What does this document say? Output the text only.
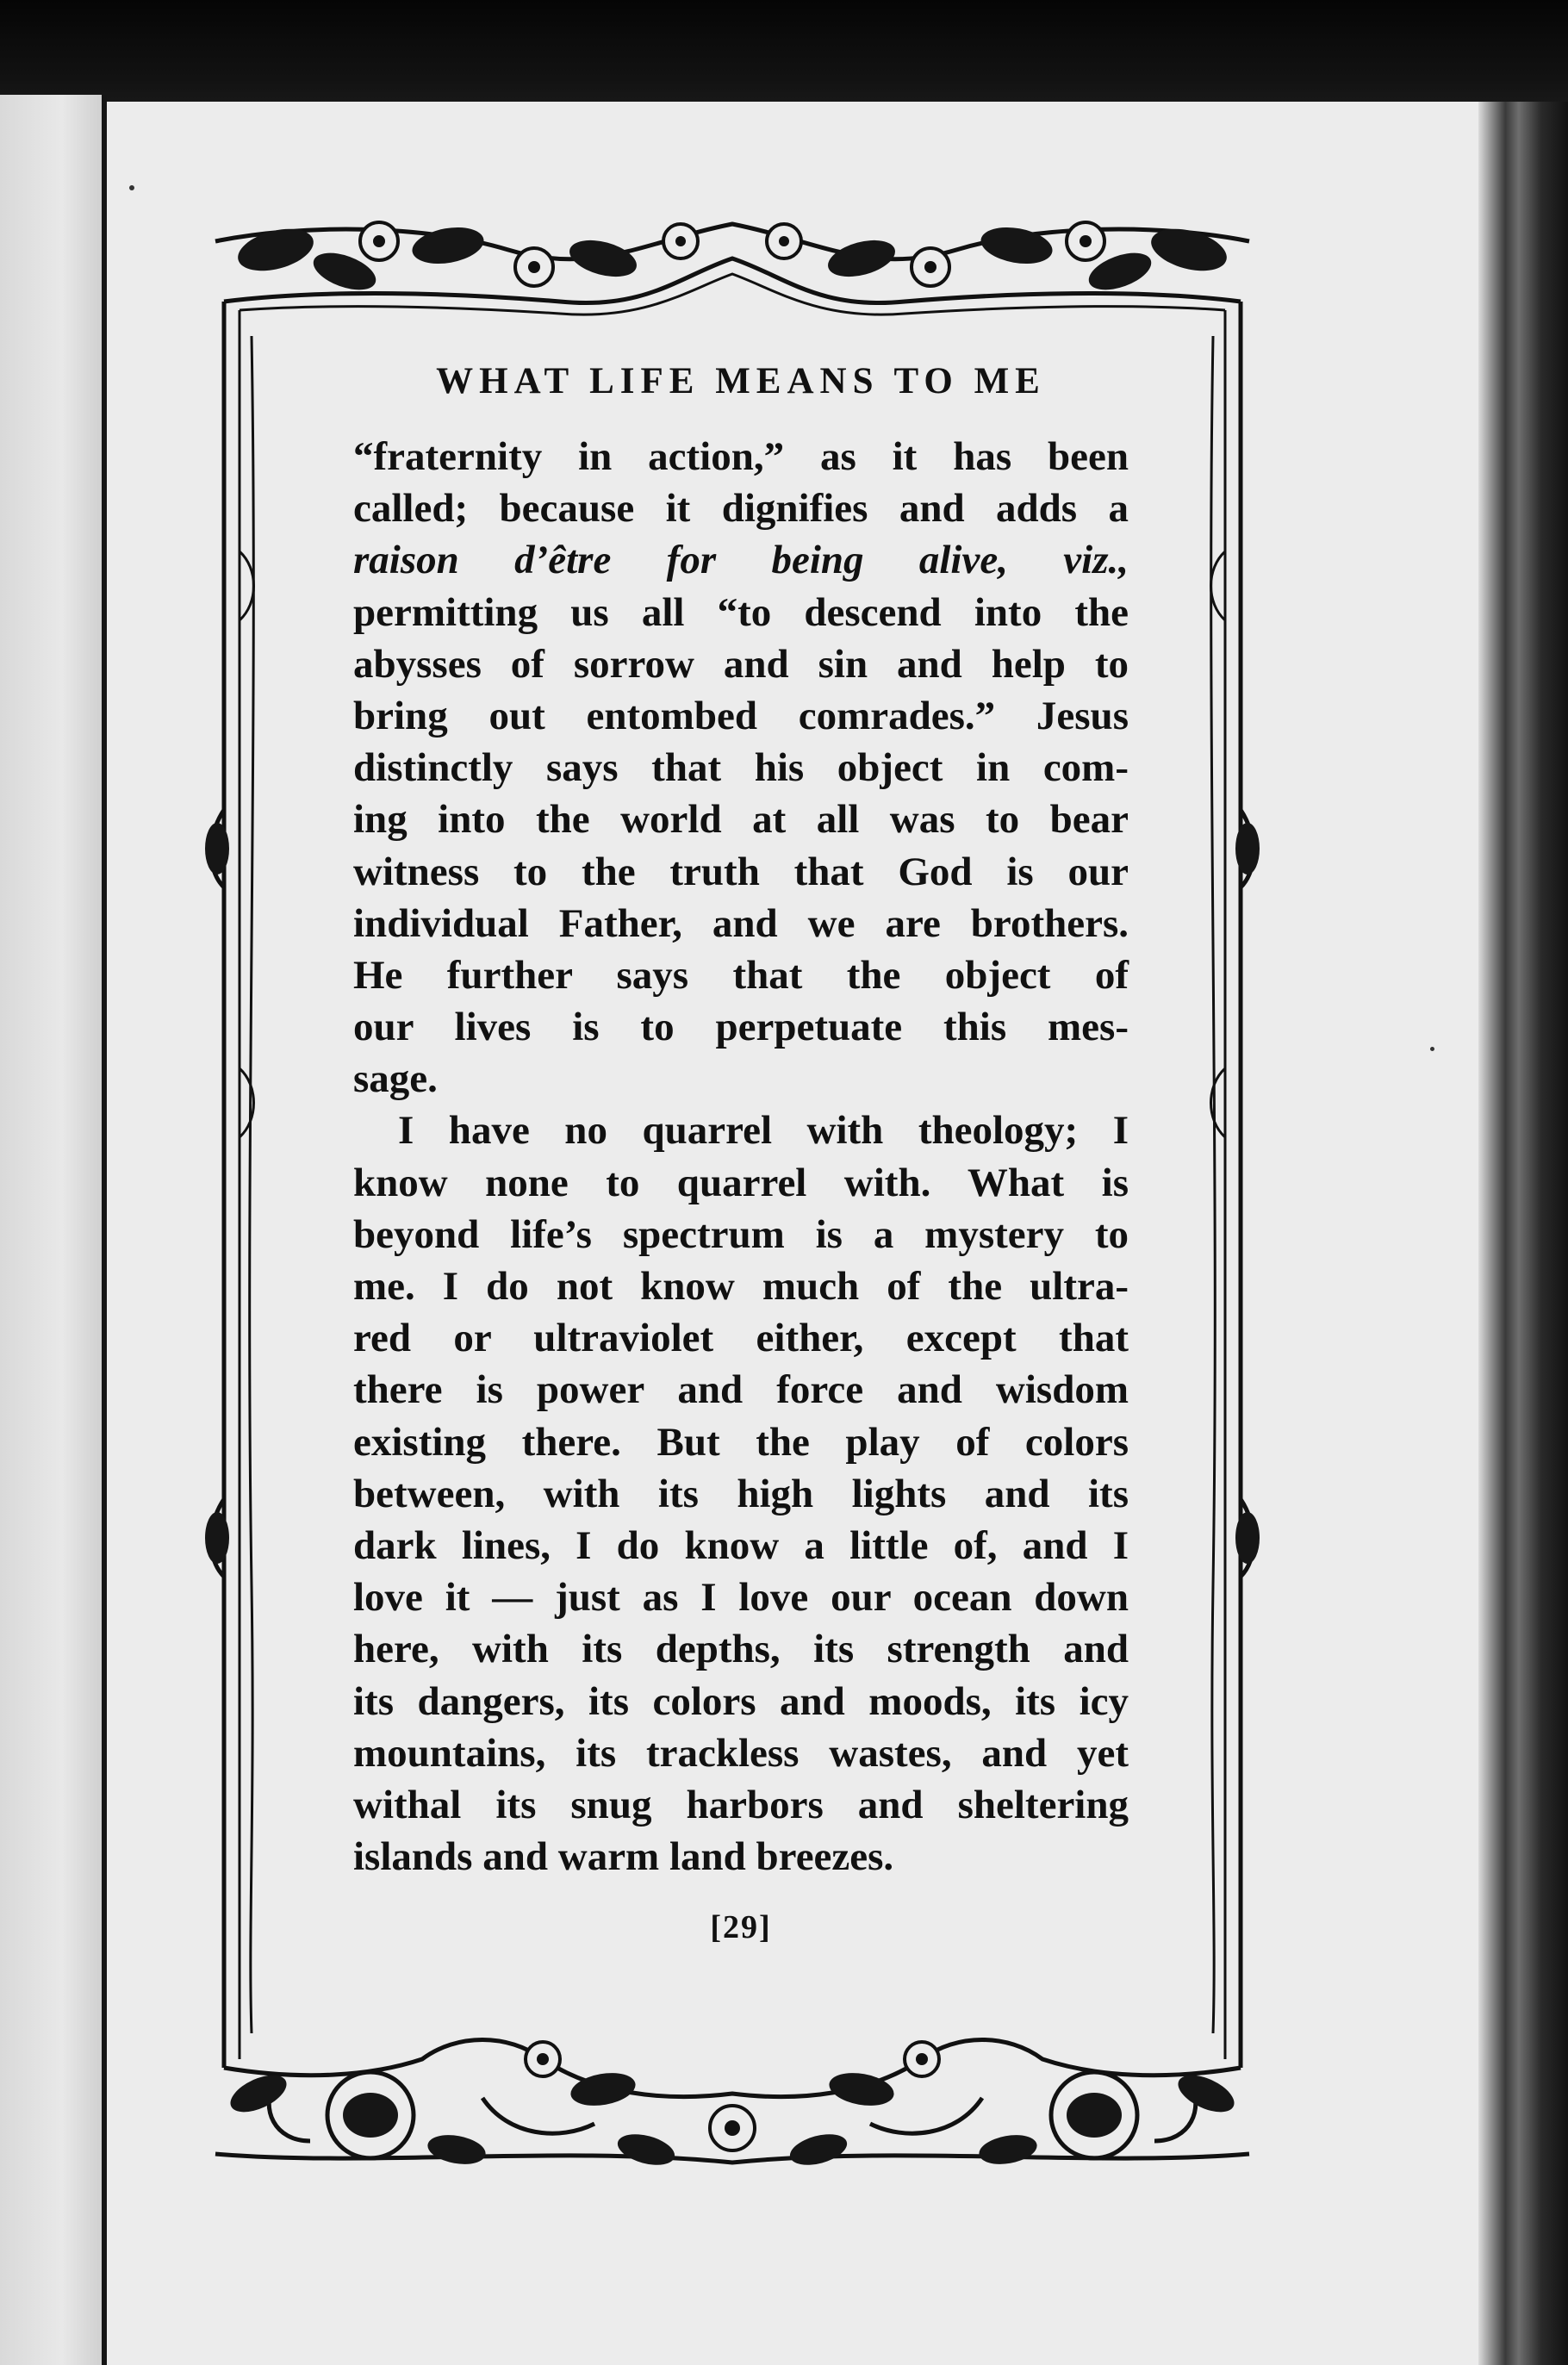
WHAT LIFE MEANS TO ME
“fraternity in action,” as it has been
called; because it dignifies and adds a
raison d’être for being alive, viz.,
permitting us all “to descend into the
abysses of sorrow and sin and help to
bring out entombed comrades.” Jesus
distinctly says that his object in com-
ing into the world at all was to bear
witness to the truth that God is our
individual Father, and we are brothers.
He further says that the object of
our lives is to perpetuate this mes-
sage.
I have no quarrel with theology; I
know none to quarrel with. What is
beyond life’s spectrum is a mystery to
me. I do not know much of the ultra-
red or ultraviolet either, except that
there is power and force and wisdom
existing there. But the play of colors
between, with its high lights and its
dark lines, I do know a little of, and I
love it — just as I love our ocean down
here, with its depths, its strength and
its dangers, its colors and moods, its icy
mountains, its trackless wastes, and yet
withal its snug harbors and sheltering
islands and warm land breezes.
[29]
